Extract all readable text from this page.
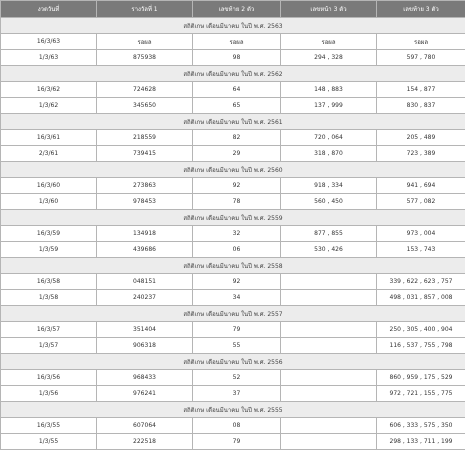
งวดวันที่	รางวัลที่ 1	เลขท้าย 2 ตัว	เลขหน้า 3 ตัว	เลขท้าย 3 ตัว
สถิติเกษ เดือนมีนาคม ในปี พ.ศ. 2563				
16/3/63	รอผล	รอผล	รอผล	รอผล
1/3/63	875938	98	294 , 328	597 , 780
สถิติเกษ เดือนมีนาคม ในปี พ.ศ. 2562				
16/3/62	724628	64	148 , 883	154 , 877
1/3/62	345650	65	137 , 999	830 , 837
สถิติเกษ เดือนมีนาคม ในปี พ.ศ. 2561				
16/3/61	218559	82	720 , 064	205 , 489
2/3/61	739415	29	318 , 870	723 , 389
สถิติเกษ เดือนมีนาคม ในปี พ.ศ. 2560				
16/3/60	273863	92	918 , 334	941 , 694
1/3/60	978453	78	560 , 450	577 , 082
สถิติเกษ เดือนมีนาคม ในปี พ.ศ. 2559				
16/3/59	134918	32	877 , 855	973 , 004
1/3/59	439686	06	530 , 426	153 , 743
สถิติเกษ เดือนมีนาคม ในปี พ.ศ. 2558				
16/3/58	048151	92		339 , 622 , 623 , 757
1/3/58	240237	34		498 , 031 , 857 , 008
สถิติเกษ เดือนมีนาคม ในปี พ.ศ. 2557				
16/3/57	351404	79		250 , 305 , 400 , 904
1/3/57	906318	55		116 , 537 , 755 , 798
สถิติเกษ เดือนมีนาคม ในปี พ.ศ. 2556				
16/3/56	968433	52		860 , 959 , 175 , 529
1/3/56	976241	37		972 , 721 , 155 , 775
สถิติเกษ เดือนมีนาคม ในปี พ.ศ. 2555				
16/3/55	607064	08		606 , 333 , 575 , 350
1/3/55	222518	79		298 , 133 , 711 , 199
